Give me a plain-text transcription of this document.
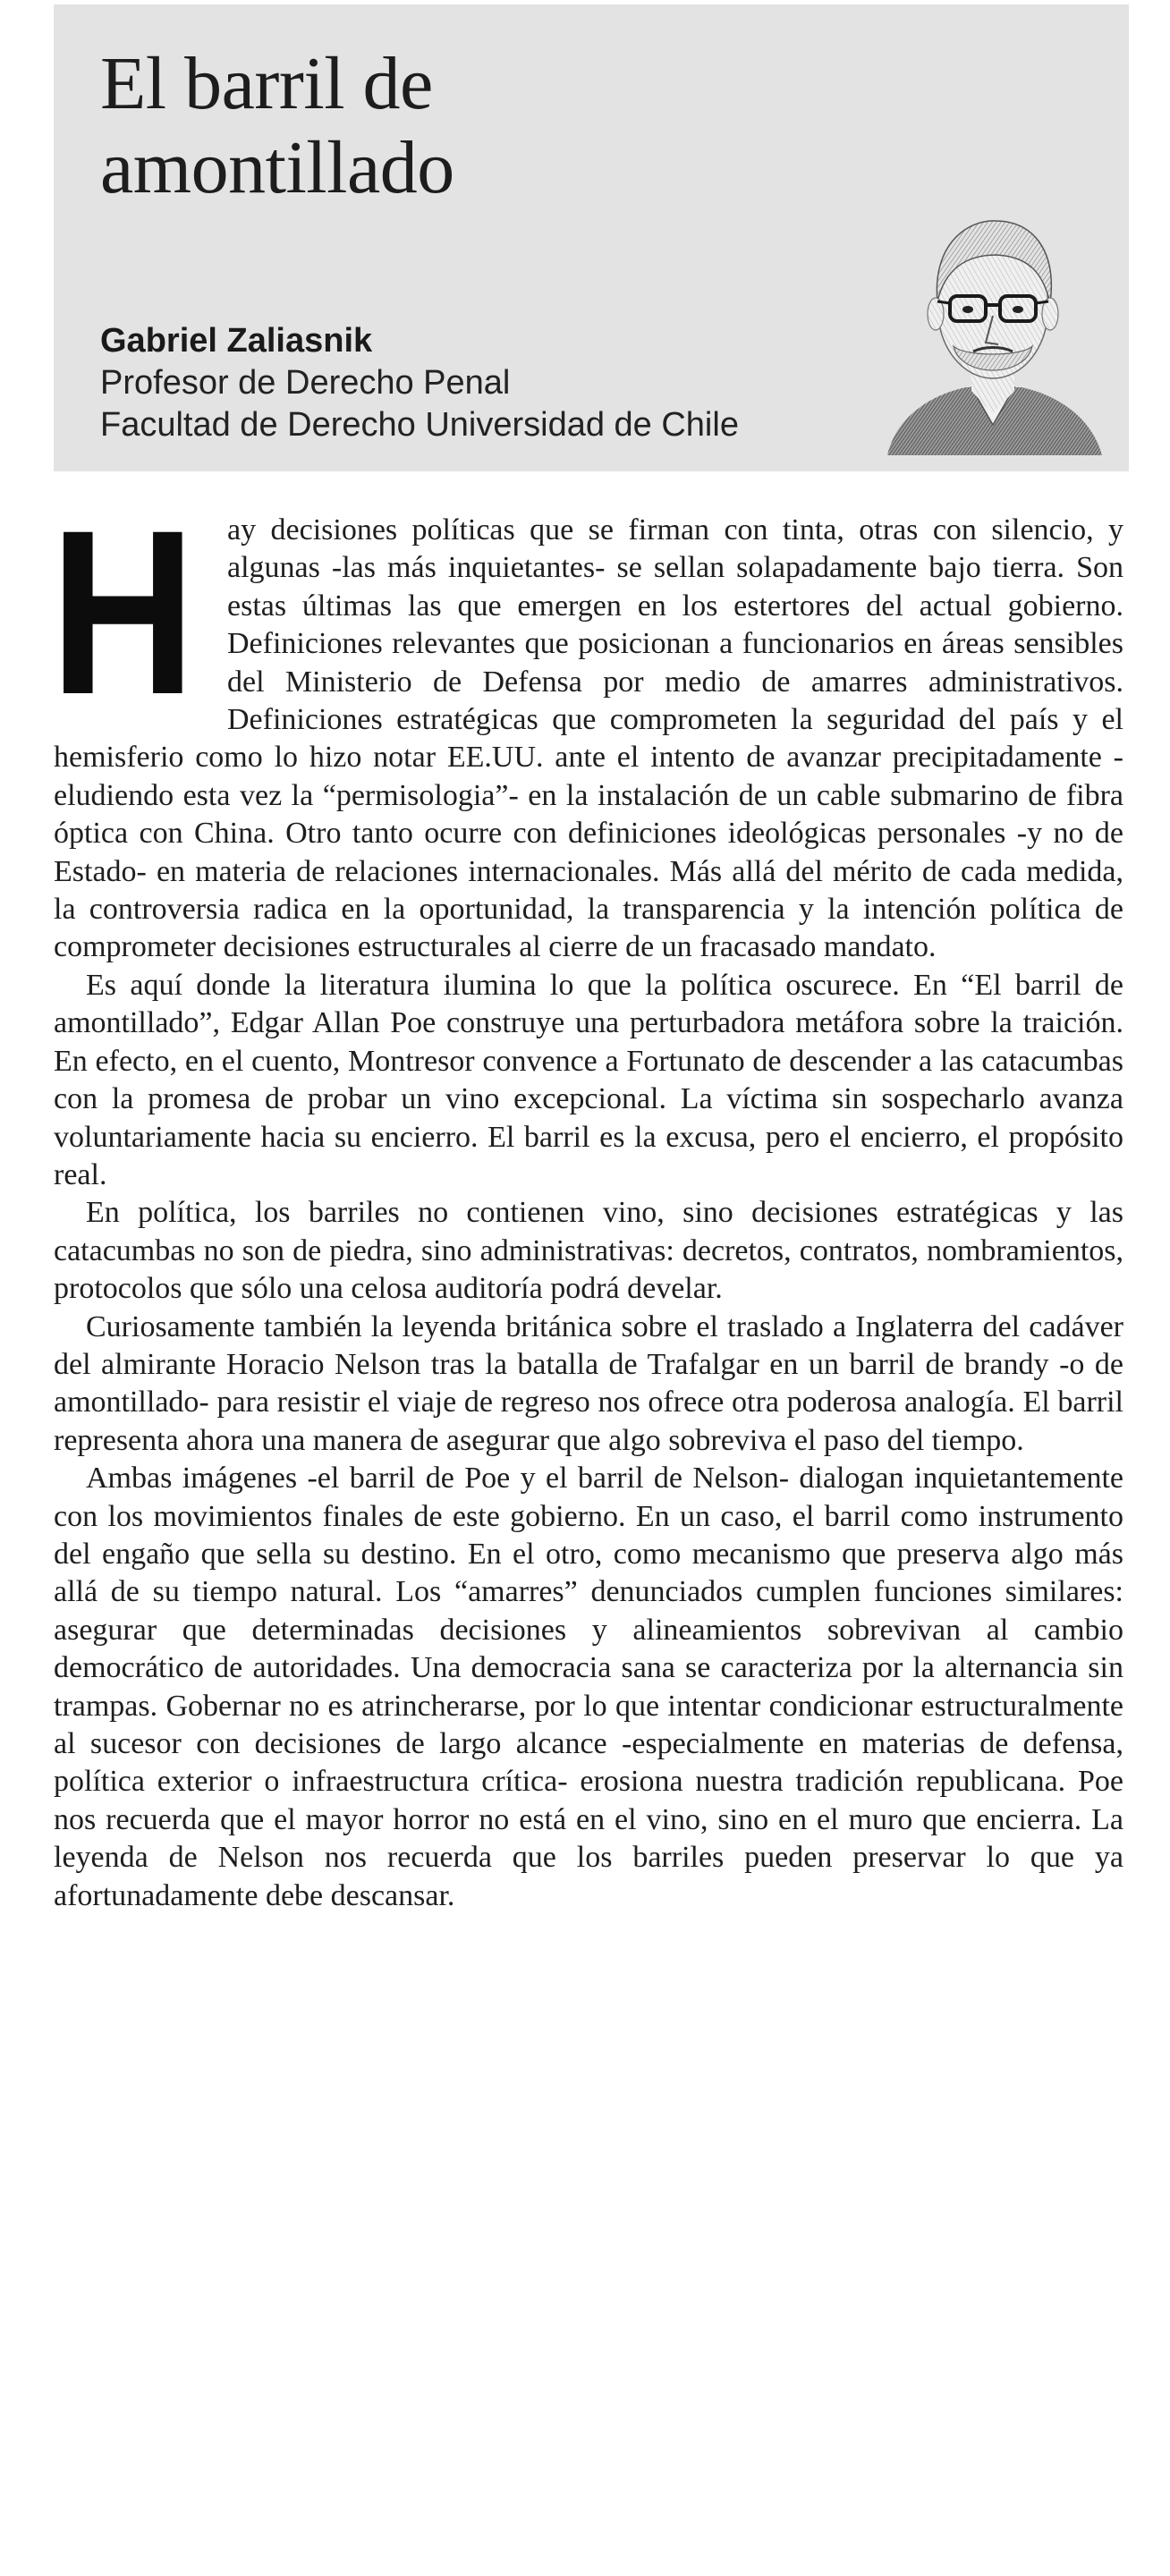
El barril de
amontillado
Gabriel Zaliasnik
Profesor de Derecho Penal
Facultad de Derecho Universidad de Chile
H	ay decisiones políticas que se firman con tinta, otras con silencio, y algunas -las más inquietantes- se sellan solapadamente bajo tierra. Son estas últimas las que emergen en los estertores del actual gobierno. Definiciones relevantes que posicionan a funcionarios en áreas sensibles del Ministerio de Defensa por medio de amarres administrativos. Definiciones estratégicas que comprometen la seguridad del país y el hemisferio como lo hizo notar EE.UU. ante el intento de avanzar precipitadamente -eludiendo esta vez la “permisologia”- en la instalación de un cable submarino de fibra óptica con China. Otro tanto ocurre con definiciones ideológicas personales -y no de Estado- en materia de relaciones internacionales. Más allá del mérito de cada medida, la controversia radica en la oportunidad, la transparencia y la intención política de comprometer decisiones estructurales al cierre de un fracasado mandato.

Es aquí donde la literatura ilumina lo que la política oscurece. En “El barril de amontillado”, Edgar Allan Poe construye una perturbadora metáfora sobre la traición. En efecto, en el cuento, Montresor convence a Fortunato de descender a las catacumbas con la promesa de probar un vino excepcional. La víctima sin sospecharlo avanza voluntariamente hacia su encierro. El barril es la excusa, pero el encierro, el propósito real.

En política, los barriles no contienen vino, sino decisiones estratégicas y las catacumbas no son de piedra, sino administrativas: decretos, contratos, nombramientos, protocolos que sólo una celosa auditoría podrá develar.

Curiosamente también la leyenda británica sobre el traslado a Inglaterra del cadáver del almirante Horacio Nelson tras la batalla de Trafalgar en un barril de brandy -o de amontillado- para resistir el viaje de regreso nos ofrece otra poderosa analogía. El barril representa ahora una manera de asegurar que algo sobreviva el paso del tiempo.

Ambas imágenes -el barril de Poe y el barril de Nelson- dialogan inquietantemente con los movimientos finales de este gobierno. En un caso, el barril como instrumento del engaño que sella su destino. En el otro, como mecanismo que preserva algo más allá de su tiempo natural. Los “amarres” denunciados cumplen funciones similares: asegurar que determinadas decisiones y alineamientos sobrevivan al cambio democrático de autoridades. Una democracia sana se caracteriza por la alternancia sin trampas. Gobernar no es atrincherarse, por lo que intentar condicionar estructuralmente al sucesor con decisiones de largo alcance -especialmente en materias de defensa, política exterior o infraestructura crítica- erosiona nuestra tradición republicana. Poe nos recuerda que el mayor horror no está en el vino, sino en el muro que encierra. La leyenda de Nelson nos recuerda que los barriles pueden preservar lo que ya afortunadamente debe descansar.
